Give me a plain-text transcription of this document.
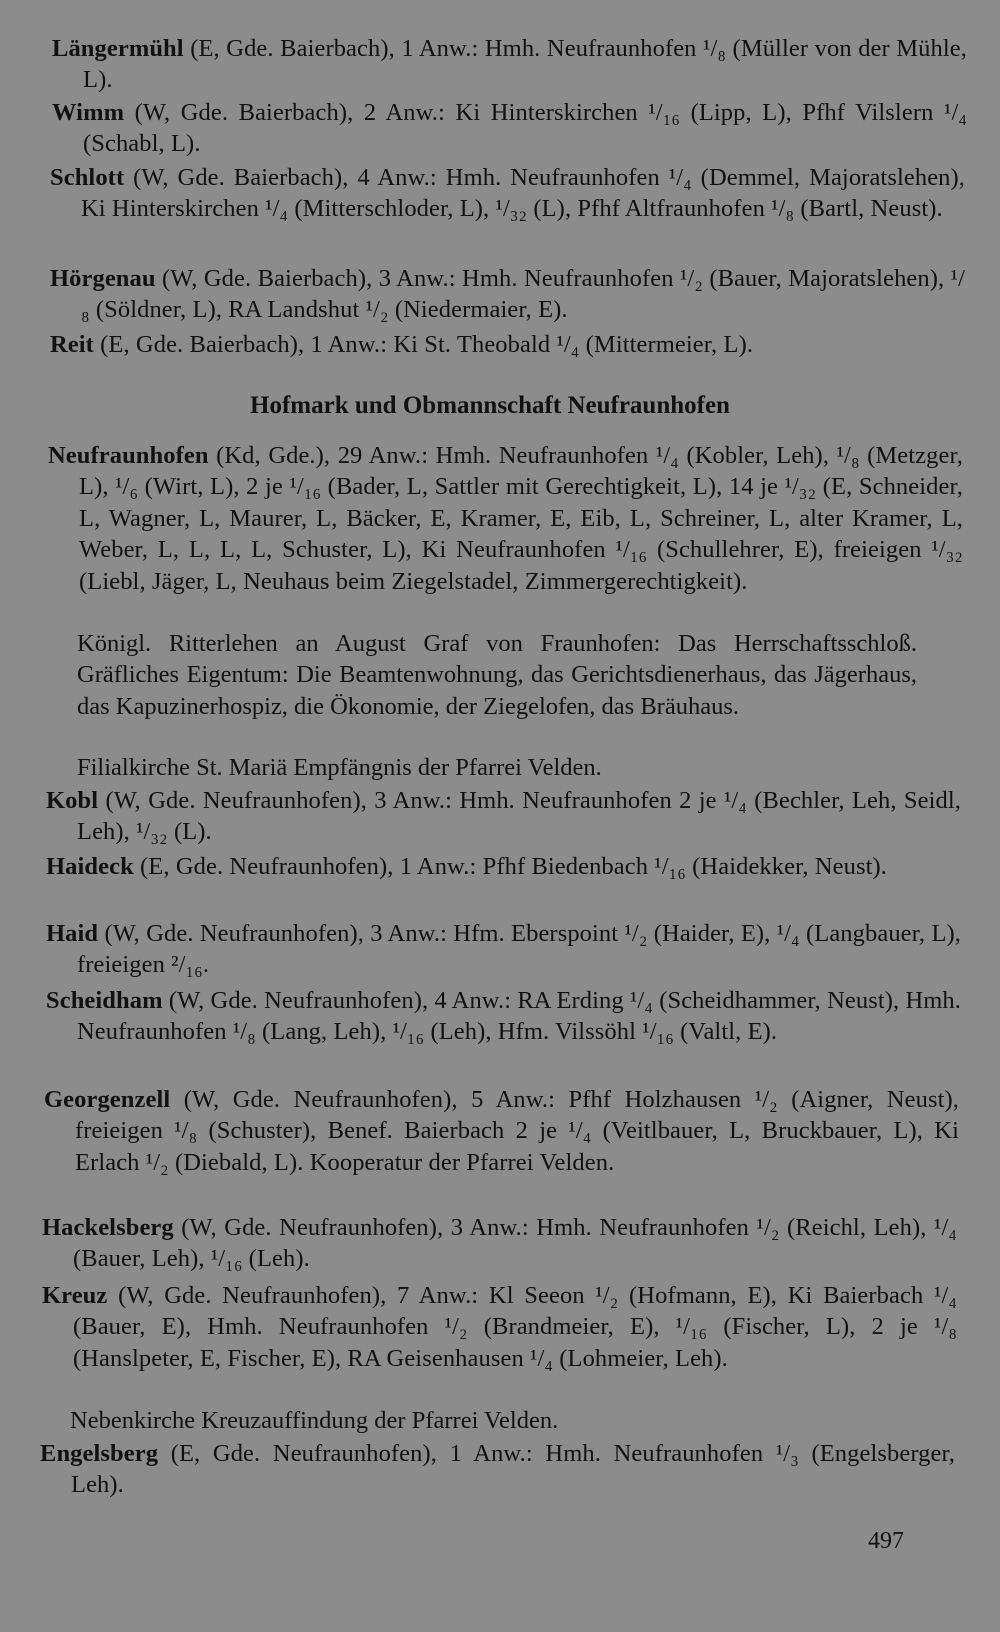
Längermühl (E, Gde. Baierbach), 1 Anw.: Hmh. Neufraunhofen ¹/₈ (Müller von der Mühle, L).
Wimm (W, Gde. Baierbach), 2 Anw.: Ki Hinterskirchen ¹/₁₆ (Lipp, L), Pfhf Vilslern ¹/₄ (Schabl, L).
Schlott (W, Gde. Baierbach), 4 Anw.: Hmh. Neufraunhofen ¹/₄ (Demmel, Majoratslehen), Ki Hinterskirchen ¹/₄ (Mitterschloder, L), ¹/₃₂ (L), Pfhf Altfraunhofen ¹/₈ (Bartl, Neust).
Hörgenau (W, Gde. Baierbach), 3 Anw.: Hmh. Neufraunhofen ¹/₂ (Bauer, Majoratslehen), ¹/₈ (Söldner, L), RA Landshut ¹/₂ (Niedermaier, E).
Reit (E, Gde. Baierbach), 1 Anw.: Ki St. Theobald ¹/₄ (Mittermeier, L).
Hofmark und Obmannschaft Neufraunhofen
Neufraunhofen (Kd, Gde.), 29 Anw.: Hmh. Neufraunhofen ¹/₄ (Kobler, Leh), ¹/₈ (Metzger, L), ¹/₆ (Wirt, L), 2 je ¹/₁₆ (Bader, L, Sattler mit Gerechtigkeit, L), 14 je ¹/₃₂ (E, Schneider, L, Wagner, L, Maurer, L, Bäcker, E, Kramer, E, Eib, L, Schreiner, L, alter Kramer, L, Weber, L, L, L, L, Schuster, L), Ki Neufraunhofen ¹/₁₆ (Schullehrer, E), freieigen ¹/₃₂ (Liebl, Jäger, L, Neuhaus beim Ziegelstadel, Zimmergerechtigkeit).
Königl. Ritterlehen an August Graf von Fraunhofen: Das Herrschaftsschloß. Gräfliches Eigentum: Die Beamtenwohnung, das Gerichtsdienerhaus, das Jägerhaus, das Kapuzinerhospiz, die Ökonomie, der Ziegelofen, das Bräuhaus.
Filialkirche St. Mariä Empfängnis der Pfarrei Velden.
Kobl (W, Gde. Neufraunhofen), 3 Anw.: Hmh. Neufraunhofen 2 je ¹/₄ (Bechler, Leh, Seidl, Leh), ¹/₃₂ (L).
Haideck (E, Gde. Neufraunhofen), 1 Anw.: Pfhf Biedenbach ¹/₁₆ (Haidekker, Neust).
Haid (W, Gde. Neufraunhofen), 3 Anw.: Hfm. Eberspoint ¹/₂ (Haider, E), ¹/₄ (Langbauer, L), freieigen ²/₁₆.
Scheidham (W, Gde. Neufraunhofen), 4 Anw.: RA Erding ¹/₄ (Scheidhammer, Neust), Hmh. Neufraunhofen ¹/₈ (Lang, Leh), ¹/₁₆ (Leh), Hfm. Vilssöhl ¹/₁₆ (Valtl, E).
Georgenzell (W, Gde. Neufraunhofen), 5 Anw.: Pfhf Holzhausen ¹/₂ (Aigner, Neust), freieigen ¹/₈ (Schuster), Benef. Baierbach 2 je ¹/₄ (Veitlbauer, L, Bruckbauer, L), Ki Erlach ¹/₂ (Diebald, L). Kooperatur der Pfarrei Velden.
Hackelsberg (W, Gde. Neufraunhofen), 3 Anw.: Hmh. Neufraunhofen ¹/₂ (Reichl, Leh), ¹/₄ (Bauer, Leh), ¹/₁₆ (Leh).
Kreuz (W, Gde. Neufraunhofen), 7 Anw.: Kl Seeon ¹/₂ (Hofmann, E), Ki Baierbach ¹/₄ (Bauer, E), Hmh. Neufraunhofen ¹/₂ (Brandmeier, E), ¹/₁₆ (Fischer, L), 2 je ¹/₈ (Hanslpeter, E, Fischer, E), RA Geisenhausen ¹/₄ (Lohmeier, Leh).
Nebenkirche Kreuzauffindung der Pfarrei Velden.
Engelsberg (E, Gde. Neufraunhofen), 1 Anw.: Hmh. Neufraunhofen ¹/₃ (Engelsberger, Leh).
497
